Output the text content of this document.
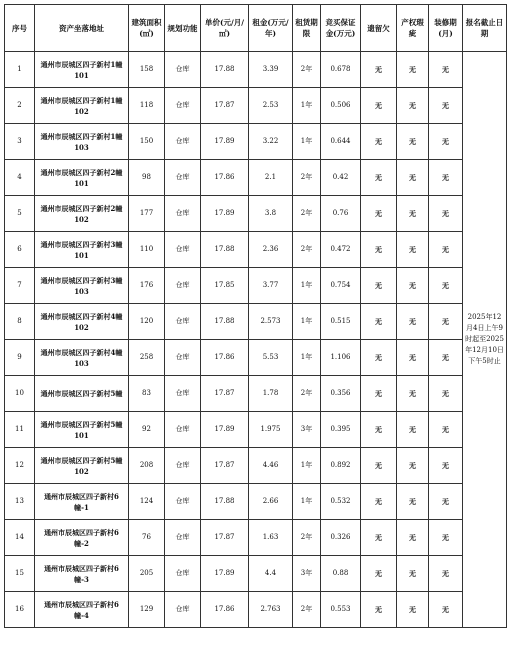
序号	资产坐落地址	建筑面积(㎡)	规划功能	单价(元/月/㎡)	租金(万元/年)	租赁期限	竞买保证金(万元)	遗留欠	产权瑕疵	装修期(月)	报名截止日期
1	通州市辰城区四子新村1幢101	158	仓库	17.88	3.39	2年	0.678	无	无	无	2025年12月4日上午9时起至2025年12月10日下午5时止
2	通州市辰城区四子新村1幢102	118	仓库	17.87	2.53	1年	0.506	无	无	无	
3	通州市辰城区四子新村1幢103	150	仓库	17.89	3.22	1年	0.644	无	无	无	
4	通州市辰城区四子新村2幢101	98	仓库	17.86	2.1	2年	0.42	无	无	无	
5	通州市辰城区四子新村2幢102	177	仓库	17.89	3.8	2年	0.76	无	无	无	
6	通州市辰城区四子新村3幢101	110	仓库	17.88	2.36	2年	0.472	无	无	无	
7	通州市辰城区四子新村3幢103	176	仓库	17.85	3.77	1年	0.754	无	无	无	
8	通州市辰城区四子新村4幢102	120	仓库	17.88	2.573	1年	0.515	无	无	无	
9	通州市辰城区四子新村4幢103	258	仓库	17.86	5.53	1年	1.106	无	无	无	
10	通州市辰城区四子新村5幢	83	仓库	17.87	1.78	2年	0.356	无	无	无	
11	通州市辰城区四子新村5幢101	92	仓库	17.89	1.975	3年	0.395	无	无	无	
12	通州市辰城区四子新村5幢102	208	仓库	17.87	4.46	1年	0.892	无	无	无	
13	通州市辰城区四子新村6幢-1	124	仓库	17.88	2.66	1年	0.532	无	无	无	
14	通州市辰城区四子新村6幢-2	76	仓库	17.87	1.63	2年	0.326	无	无	无	
15	通州市辰城区四子新村6幢-3	205	仓库	17.89	4.4	3年	0.88	无	无	无	
16	通州市辰城区四子新村6幢-4	129	仓库	17.86	2.763	2年	0.553	无	无	无	
